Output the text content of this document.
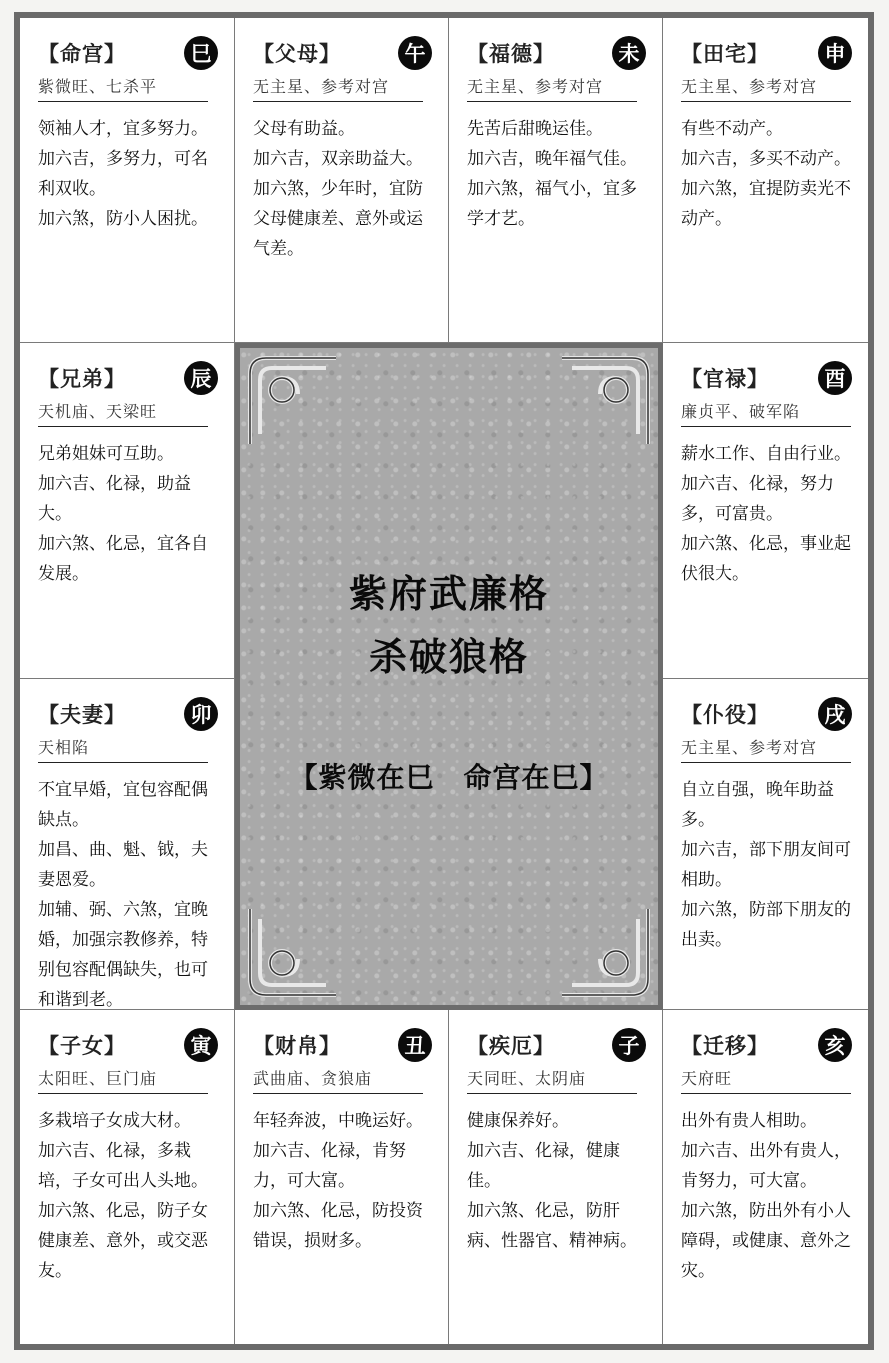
【命宫】	巳
紫微旺、七杀平

领袖人才，宜多努力。

加六吉，多努力，可名利双收。

加六煞，防小人困扰。

【父母】	午
无主星、参考对宫

父母有助益。

加六吉，双亲助益大。

加六煞，少年时，宜防父母健康差、意外或运气差。

【福德】	未
无主星、参考对宫

先苦后甜晚运佳。

加六吉，晚年福气佳。

加六煞，福气小，宜多学才艺。

【田宅】	申
无主星、参考对宫

有些不动产。

加六吉，多买不动产。

加六煞，宜提防卖光不动产。

【兄弟】	辰
天机庙、天梁旺

兄弟姐妹可互助。

加六吉、化禄，助益大。

加六煞、化忌，宜各自发展。	紫府武廉格
杀破狼格
【紫微在巳　命宫在巳】
【官禄】	酉
廉贞平、破军陷

薪水工作、自由行业。

加六吉、化禄，努力多，可富贵。

加六煞、化忌，事业起伏很大。

【夫妻】	卯
天相陷

不宜早婚，宜包容配偶缺点。

加昌、曲、魁、钺，夫妻恩爱。

加辅、弼、六煞，宜晚婚，加强宗教修养，特别包容配偶缺失，也可和谐到老。

【仆役】	戌
无主星、参考对宫

自立自强，晚年助益多。

加六吉，部下朋友间可相助。

加六煞，防部下朋友的出卖。

【子女】	寅
太阳旺、巨门庙

多栽培子女成大材。

加六吉、化禄，多栽培，子女可出人头地。

加六煞、化忌，防子女健康差、意外，或交恶友。

【财帛】	丑
武曲庙、贪狼庙

年轻奔波，中晚运好。

加六吉、化禄，肯努力，可大富。

加六煞、化忌，防投资错误，损财多。

【疾厄】	子
天同旺、太阴庙

健康保养好。

加六吉、化禄，健康佳。

加六煞、化忌，防肝病、性器官、精神病。

【迁移】	亥
天府旺

出外有贵人相助。

加六吉、出外有贵人，肯努力，可大富。

加六煞，防出外有小人障碍，或健康、意外之灾。
